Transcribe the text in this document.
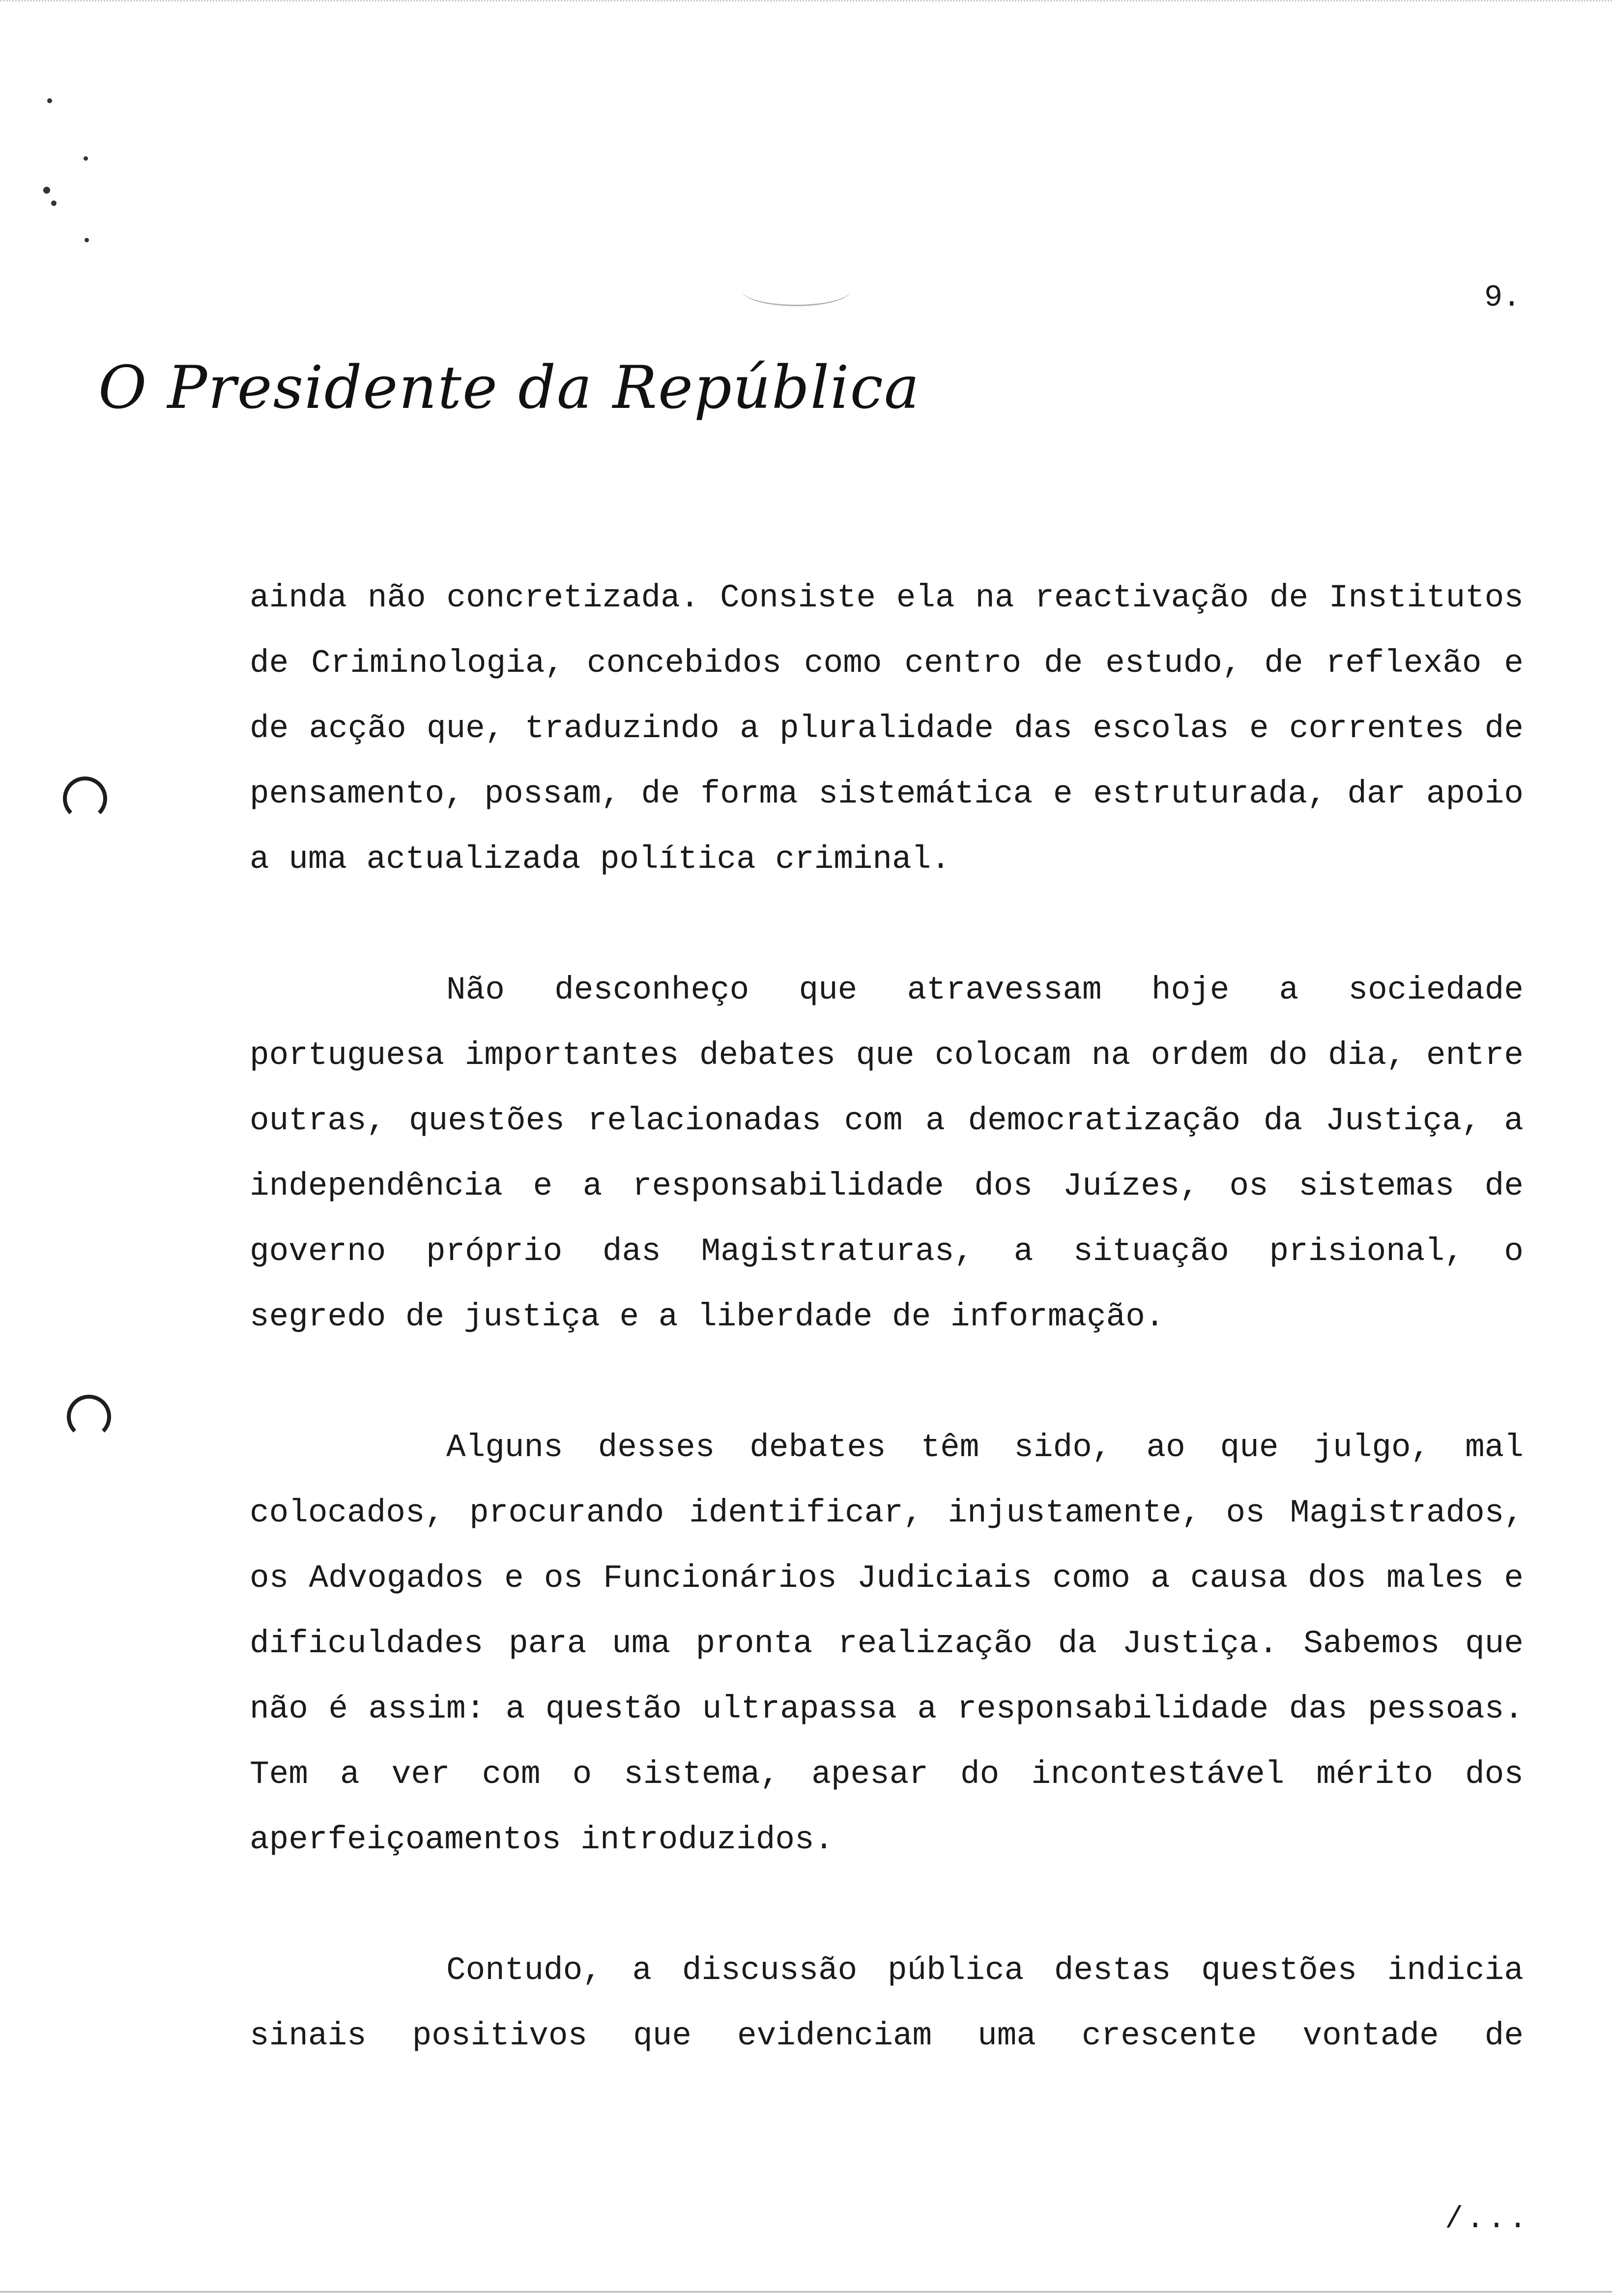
9.
O Presidente da República

ainda não concretizada. Consiste ela na reactivação de Institutos de Criminologia, concebidos como centro de estudo, de reflexão e de acção que, traduzindo a pluralidade das escolas e correntes de pensamento, possam, de forma sistemática e estruturada, dar apoio a uma actualizada política criminal.

Não desconheço que atravessam hoje a sociedade portuguesa importantes debates que colocam na ordem do dia, entre outras, questões relacionadas com a democratização da Justiça, a independência e a responsabilidade dos Juízes, os sistemas de governo próprio das Magistraturas, a situação prisional, o segredo de justiça e a liberdade de informação.

Alguns desses debates têm sido, ao que julgo, mal colocados, procurando identificar, injustamente, os Magistrados, os Advogados e os Funcionários Judiciais como a causa dos males e dificuldades para uma pronta realização da Justiça. Sabemos que não é assim: a questão ultrapassa a responsabilidade das pessoas. Tem a ver com o sistema, apesar do incontestável mérito dos aperfeiçoamentos introduzidos.

Contudo, a discussão pública destas questões indicia sinais positivos que evidenciam uma crescente vontade de

/...
